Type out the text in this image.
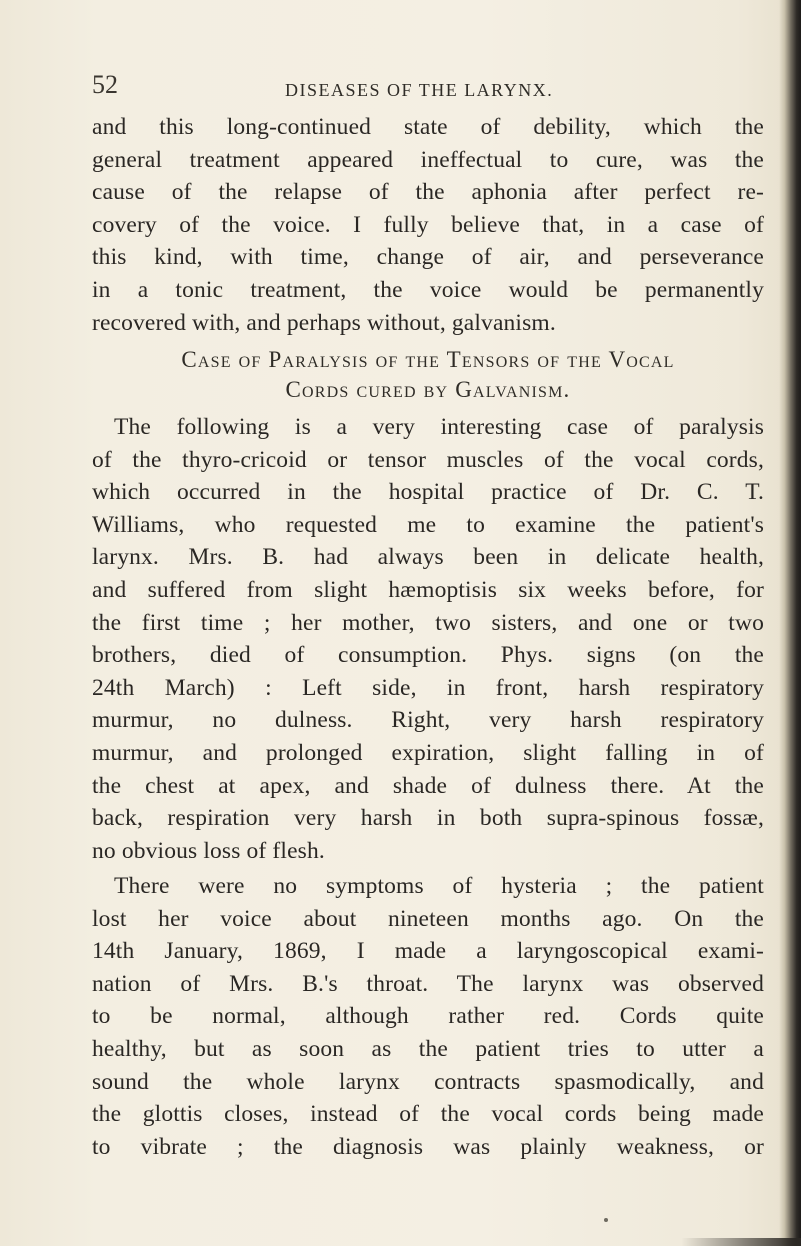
52	DISEASES OF THE LARYNX.
and this long-continued state of debility, which the
general treatment appeared ineffectual to cure, was the
cause of the relapse of the aphonia after perfect re-
covery of the voice. I fully believe that, in a case of
this kind, with time, change of air, and perseverance
in a tonic treatment, the voice would be permanently
recovered with, and perhaps without, galvanism.
Case of Paralysis of the Tensors of the Vocal
Cords cured by Galvanism.
The following is a very interesting case of paralysis
of the thyro-cricoid or tensor muscles of the vocal cords,
which occurred in the hospital practice of Dr. C. T.
Williams, who requested me to examine the patient's
larynx. Mrs. B. had always been in delicate health,
and suffered from slight hæmoptisis six weeks before, for
the first time ; her mother, two sisters, and one or two
brothers, died of consumption. Phys. signs (on the
24th March) : Left side, in front, harsh respiratory
murmur, no dulness. Right, very harsh respiratory
murmur, and prolonged expiration, slight falling in of
the chest at apex, and shade of dulness there. At the
back, respiration very harsh in both supra-spinous fossæ,
no obvious loss of flesh.
There were no symptoms of hysteria ; the patient
lost her voice about nineteen months ago. On the
14th January, 1869, I made a laryngoscopical exami-
nation of Mrs. B.'s throat. The larynx was observed
to be normal, although rather red. Cords quite
healthy, but as soon as the patient tries to utter a
sound the whole larynx contracts spasmodically, and
the glottis closes, instead of the vocal cords being made
to vibrate ; the diagnosis was plainly weakness, or
